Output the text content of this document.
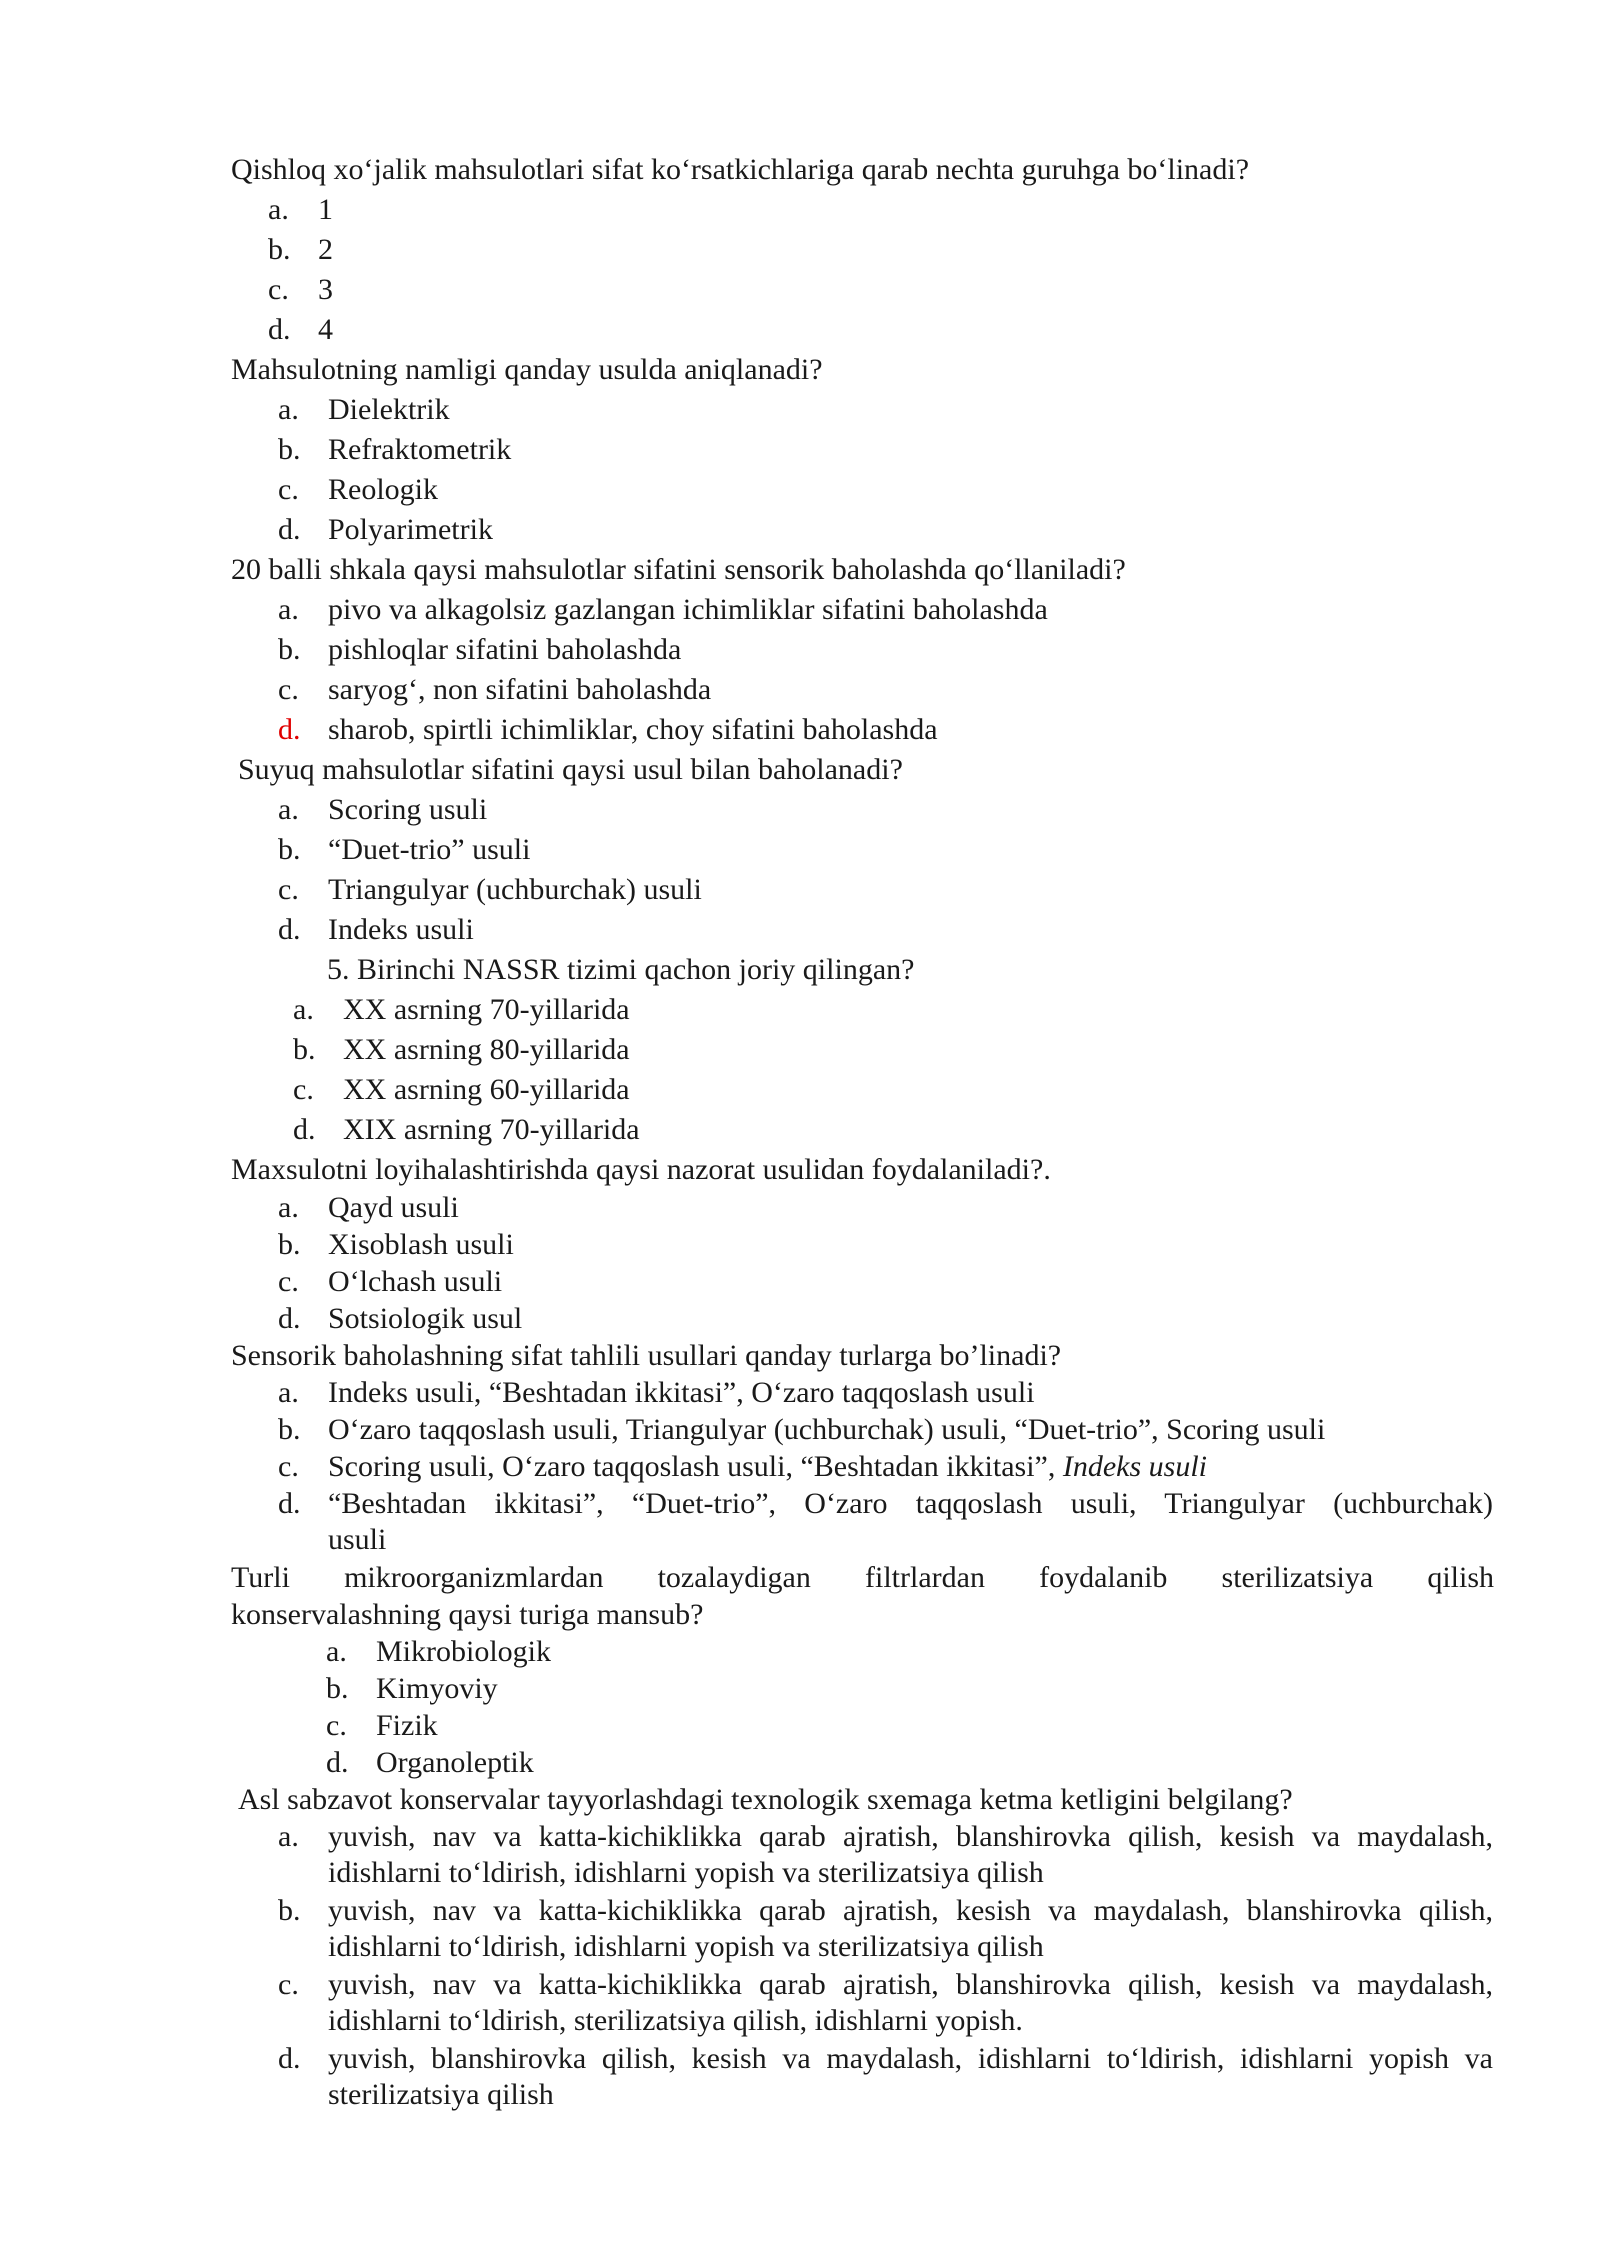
Qishloq xo‘jalik mahsulotlari sifat ko‘rsatkichlariga qarab nechta guruhga bo‘linadi?
a. 1
b. 2
c. 3
d. 4
Mahsulotning namligi qanday usulda aniqlanadi?
a. Dielektrik
b. Refraktometrik
c. Reologik
d. Polyarimetrik
20 balli shkala qaysi mahsulotlar sifatini sensorik baholashda qo‘llaniladi?
a. pivo va alkagolsiz gazlangan ichimliklar sifatini baholashda
b. pishloqlar sifatini baholashda
c. saryog‘, non sifatini baholashda
d. sharob, spirtli ichimliklar, choy sifatini baholashda
Suyuq mahsulotlar sifatini qaysi usul bilan baholanadi?
a. Scoring usuli
b. “Duet-trio” usuli
c. Triangulyar (uchburchak) usuli
d. Indeks usuli
5. Birinchi NASSR tizimi qachon joriy qilingan?
a. XX asrning 70-yillarida
b. XX asrning 80-yillarida
c. XX asrning 60-yillarida
d. XIX asrning 70-yillarida
Maxsulotni loyihalashtirishda qaysi nazorat usulidan foydalaniladi?.
a. Qayd usuli
b. Xisoblash usuli
c. O‘lchash usuli
d. Sotsiologik usul
Sensorik baholashning sifat tahlili usullari qanday turlarga bo’linadi?
a. Indeks usuli, “Beshtadan ikkitasi”, O‘zaro taqqoslash usuli
b. O‘zaro taqqoslash usuli, Triangulyar (uchburchak) usuli, “Duet-trio”, Scoring usuli
c. Scoring usuli, O‘zaro taqqoslash usuli, “Beshtadan ikkitasi”, Indeks usuli
d. “Beshtadan ikkitasi”, “Duet-trio”, O‘zaro taqqoslash usuli, Triangulyar (uchburchak)
usuli
Turli mikroorganizmlardan tozalaydigan filtrlardan foydalanib sterilizatsiya qilish
konservalashning qaysi turiga mansub?
a. Mikrobiologik
b. Kimyoviy
c. Fizik
d. Organoleptik
Asl sabzavot konservalar tayyorlashdagi texnologik sxemaga ketma ketligini belgilang?
a. yuvish, nav va katta-kichiklikka qarab ajratish, blanshirovka qilish, kesish va maydalash,
idishlarni to‘ldirish, idishlarni yopish va sterilizatsiya qilish
b. yuvish, nav va katta-kichiklikka qarab ajratish, kesish va maydalash, blanshirovka qilish,
idishlarni to‘ldirish, idishlarni yopish va sterilizatsiya qilish
c. yuvish, nav va katta-kichiklikka qarab ajratish, blanshirovka qilish, kesish va maydalash,
idishlarni to‘ldirish, sterilizatsiya qilish, idishlarni yopish.
d. yuvish, blanshirovka qilish, kesish va maydalash, idishlarni to‘ldirish, idishlarni yopish va
sterilizatsiya qilish
